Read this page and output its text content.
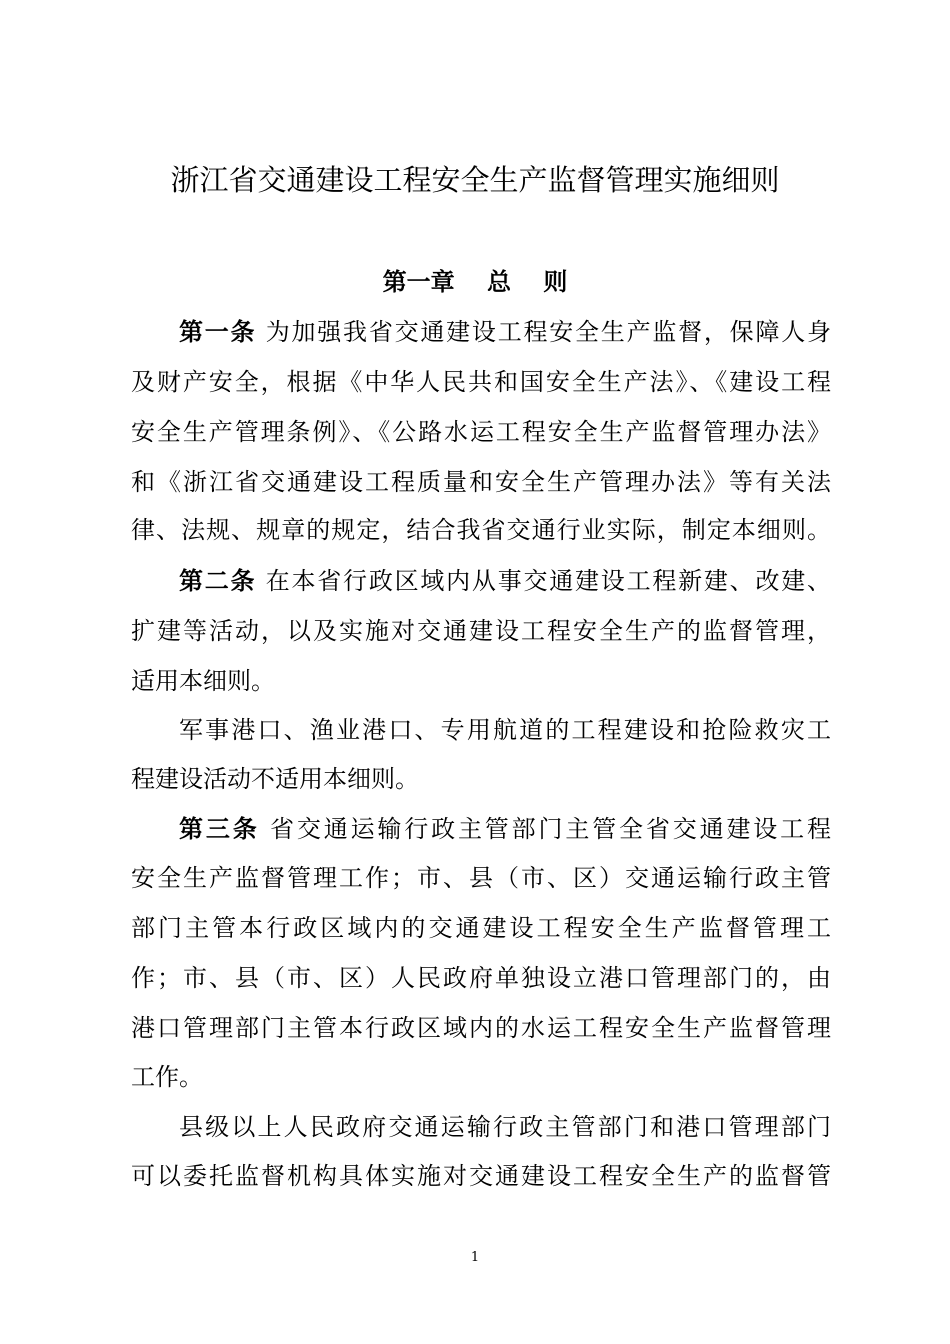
浙江省交通建设工程安全生产监督管理实施细则
第一章　 总　 则
第一条 为加强我省交通建设工程安全生产监督，保障人身
及财产安全，根据《中华人民共和国安全生产法》、《建设工程
安全生产管理条例》、《公路水运工程安全生产监督管理办法》
和《浙江省交通建设工程质量和安全生产管理办法》等有关法
律、法规、规章的规定，结合我省交通行业实际，制定本细则。
第二条 在本省行政区域内从事交通建设工程新建、改建、
扩建等活动，以及实施对交通建设工程安全生产的监督管理，
适用本细则。
军事港口、渔业港口、专用航道的工程建设和抢险救灾工
程建设活动不适用本细则。
第三条 省交通运输行政主管部门主管全省交通建设工程
安全生产监督管理工作；市、县（市、区）交通运输行政主管
部门主管本行政区域内的交通建设工程安全生产监督管理工
作；市、县（市、区）人民政府单独设立港口管理部门的，由
港口管理部门主管本行政区域内的水运工程安全生产监督管理
工作。
县级以上人民政府交通运输行政主管部门和港口管理部门
可以委托监督机构具体实施对交通建设工程安全生产的监督管
1
